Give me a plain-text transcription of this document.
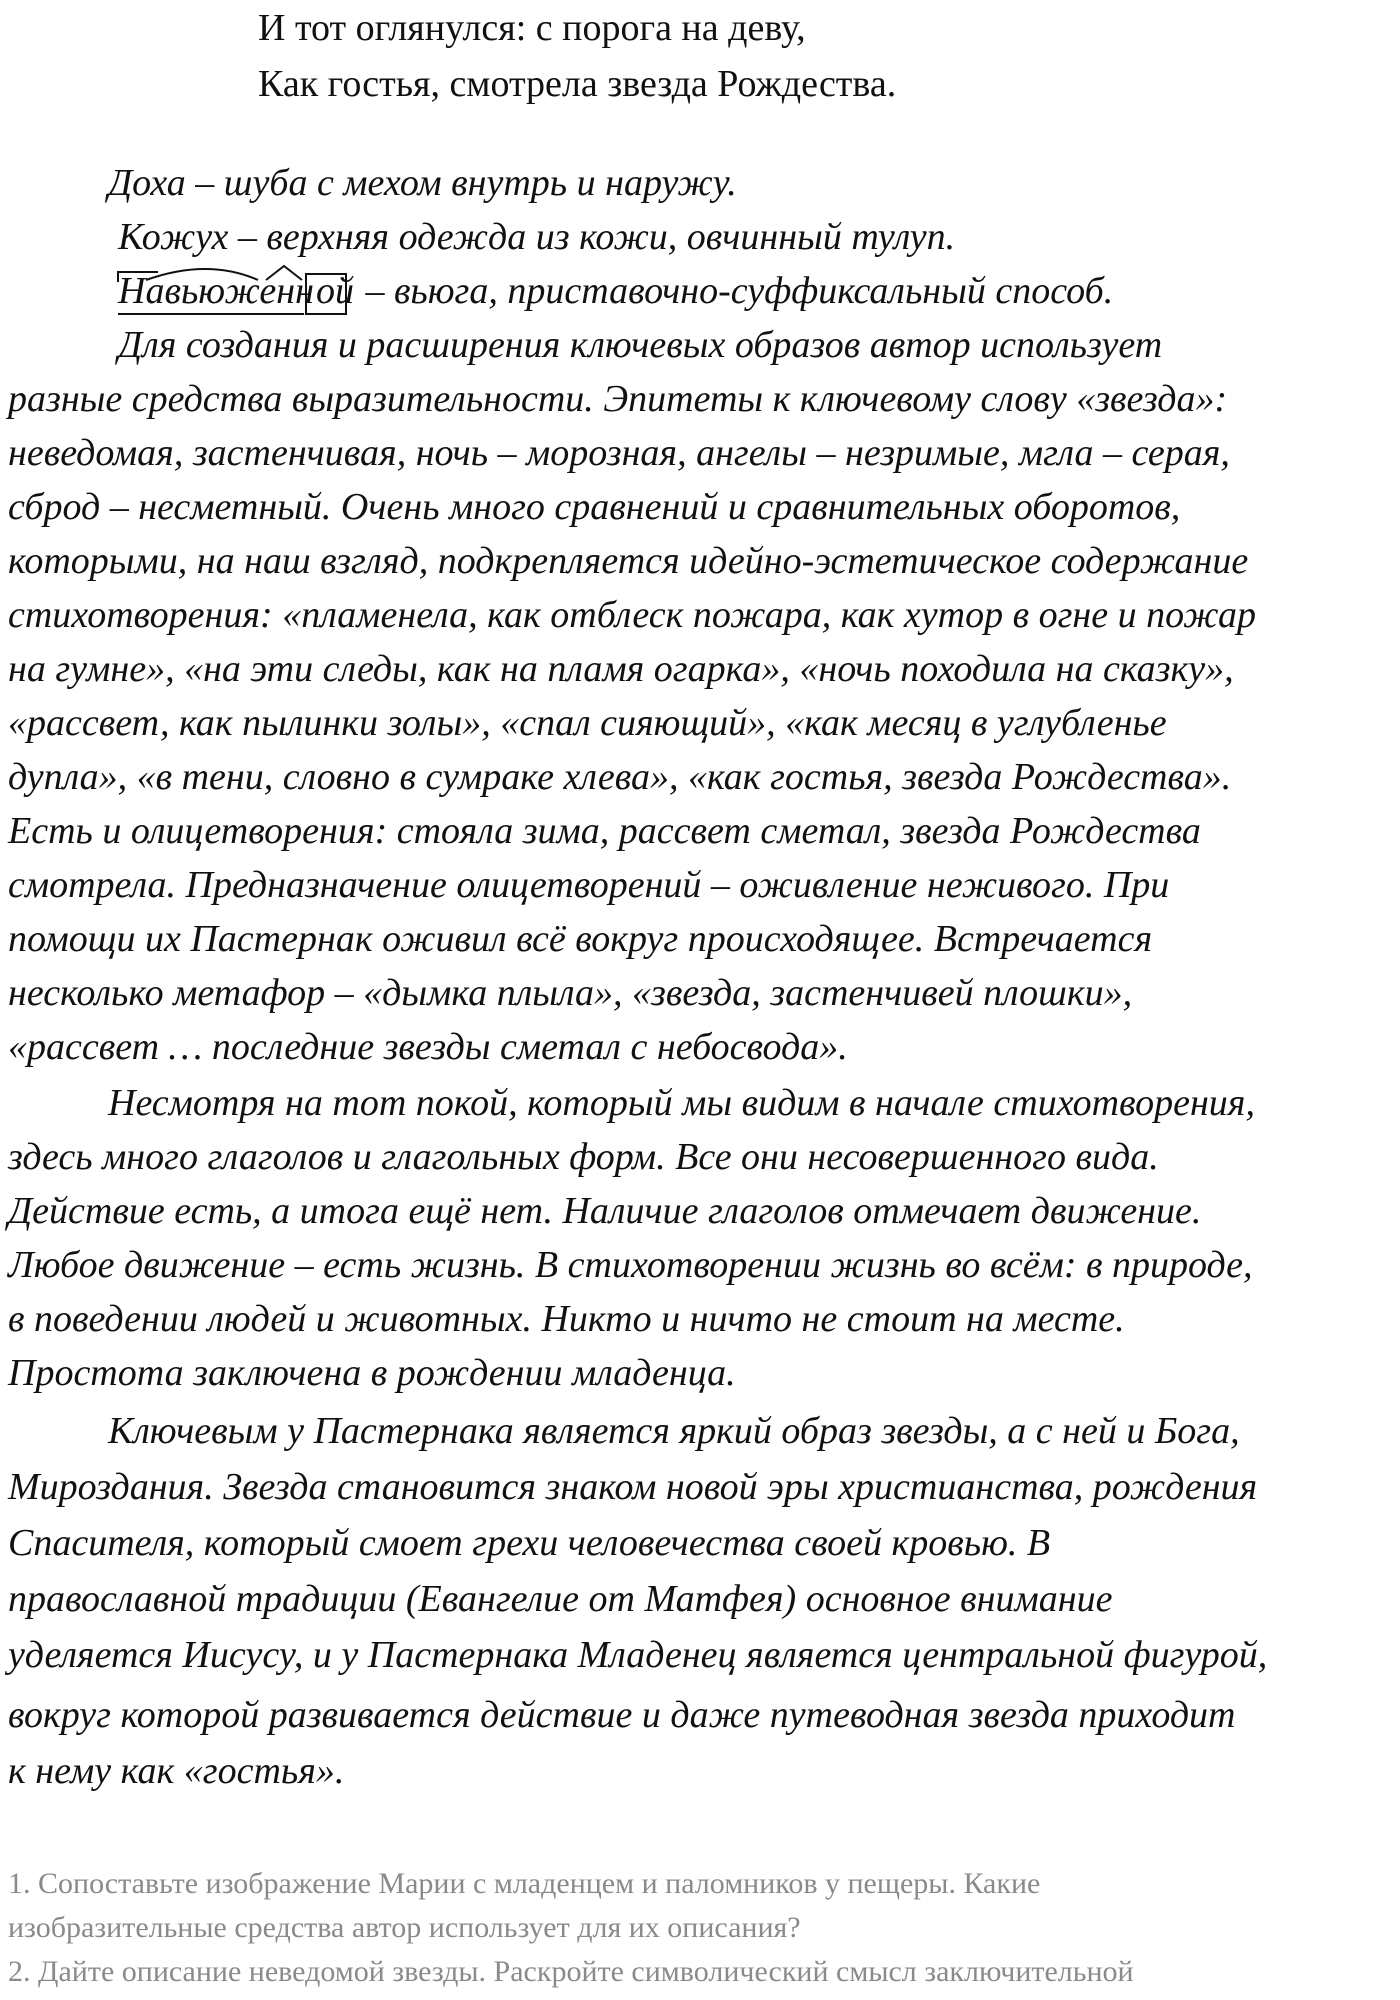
И тот оглянулся: с порога на деву,
Как гостья, смотрела звезда Рождества.
Доха – шуба с мехом внутрь и наружу.
Кожух – верхняя одежда из кожи, овчинный тулуп.
Навьюженной
– вьюга, приставочно-суффиксальный способ.
Для создания и расширения ключевых образов автор использует
разные средства выразительности. Эпитеты к ключевому слову «звезда»:
неведомая, застенчивая, ночь – морозная, ангелы – незримые, мгла – серая,
сброд – несметный. Очень много сравнений и сравнительных оборотов,
которыми, на наш взгляд, подкрепляется идейно-эстетическое содержание
стихотворения: «пламенела, как отблеск пожара, как хутор в огне и пожар
на гумне», «на эти следы, как на пламя огарка», «ночь походила на сказку»,
«рассвет, как пылинки золы», «спал сияющий», «как месяц в углубленье
дупла», «в тени, словно в сумраке хлева», «как гостья, звезда Рождества».
Есть и олицетворения: стояла зима, рассвет сметал, звезда Рождества
смотрела. Предназначение олицетворений – оживление неживого. При
помощи их Пастернак оживил всё вокруг происходящее. Встречается
несколько метафор – «дымка плыла», «звезда, застенчивей плошки»,
«рассвет … последние звезды сметал с небосвода».
Несмотря на тот покой, который мы видим в начале стихотворения,
здесь много глаголов и глагольных форм. Все они несовершенного вида.
Действие есть, а итога ещё нет. Наличие глаголов отмечает движение.
Любое движение – есть жизнь. В стихотворении жизнь во всём: в природе,
в поведении людей и животных. Никто и ничто не стоит на месте.
Простота заключена в рождении младенца.
Ключевым у Пастернака является яркий образ звезды, а с ней и Бога,
Мироздания. Звезда становится знаком новой эры христианства, рождения
Спасителя, который смоет грехи человечества своей кровью. В
православной традиции (Евангелие от Матфея) основное внимание
уделяется Иисусу, и у Пастернака Младенец является центральной фигурой,
вокруг которой развивается действие и даже путеводная звезда приходит
к нему как «гостья».
1. Сопоставьте изображение Марии с младенцем и паломников у пещеры. Какие
изобразительные средства автор использует для их описания?
2. Дайте описание неведомой звезды. Раскройте символический смысл заключительной
